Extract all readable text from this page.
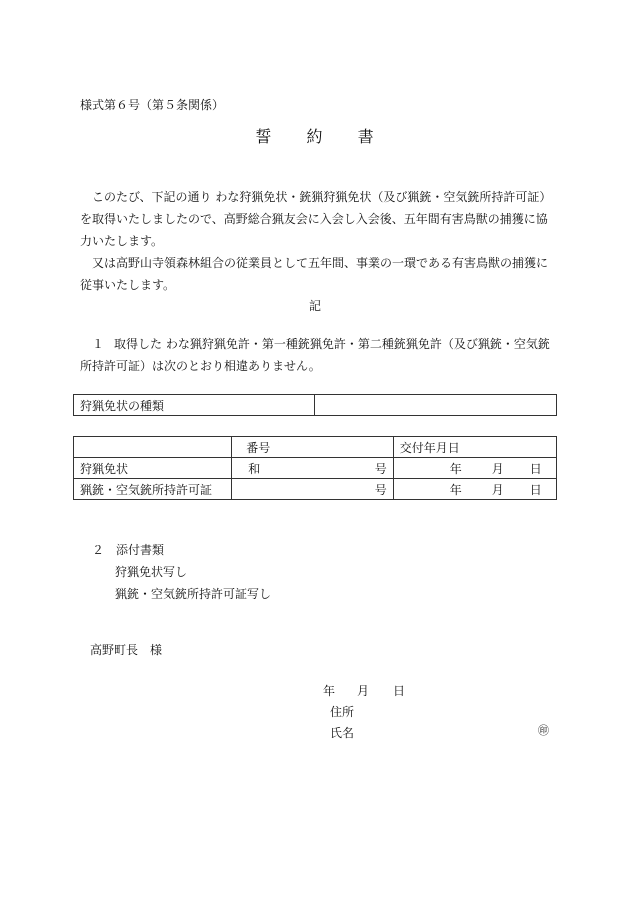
様式第６号（第５条関係）
誓 約 書
このたび、下記の通り わな狩猟免状・銃猟狩猟免状（及び猟銃・空気銃所持許可証）を取得いたしましたので、高野総合猟友会に入会し入会後、五年間有害鳥獣の捕獲に協力いたします。
又は高野山寺領森林組合の従業員として五年間、事業の一環である有害鳥獣の捕獲に従事いたします。
記
１ 取得した わな猟狩猟免許・第一種銃猟免許・第二種銃猟免許（及び猟銃・空気銃所持許可証）は次のとおり相違ありません。
狩猟免状の種類	
	番号		交付年月日
狩猟免状	和	号	年 月 日
猟銃・空気銃所持許可証		号	年 月 日
２　添付書類
狩猟免状写し
猟銃・空気銃所持許可証写し
高野町長　様
年 月 日
住所
氏名	㊞
